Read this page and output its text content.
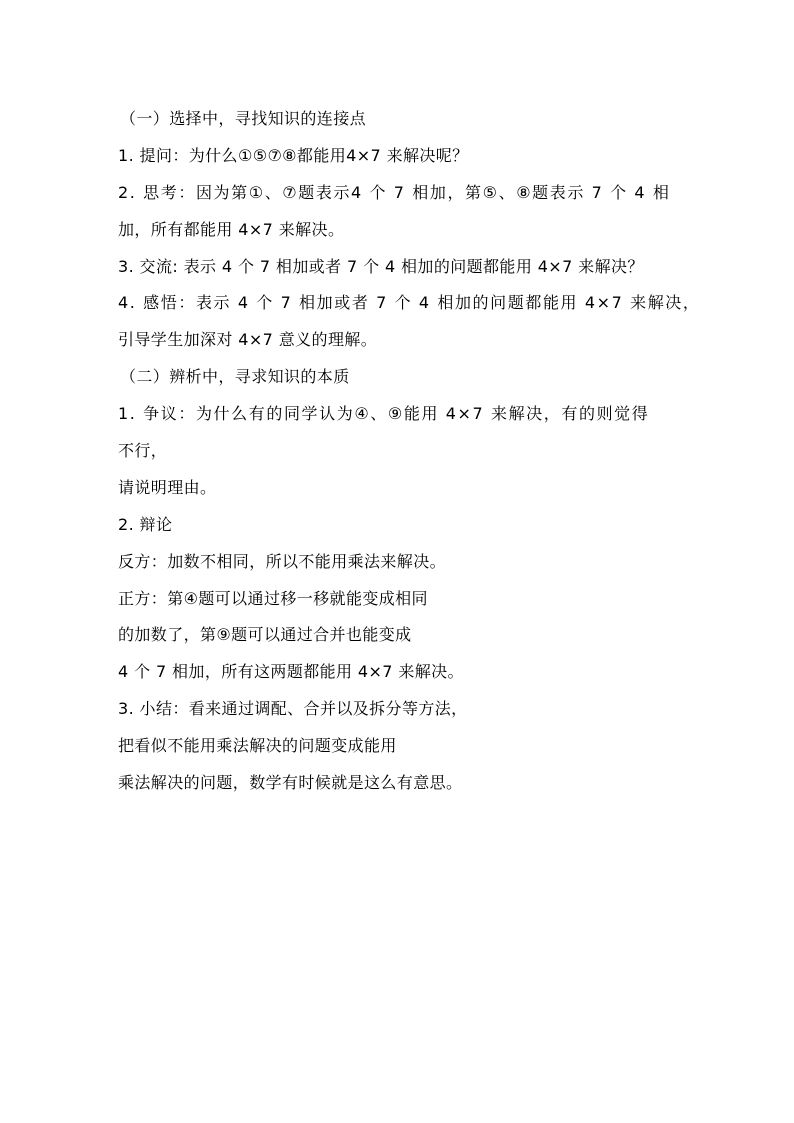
（一）选择中，寻找知识的连接点
1. 提问：为什么①⑤⑦⑧都能用4×7 来解决呢？
2. 思考：因为第①、⑦题表示4 个 7 相加，第⑤、⑧题表示 7 个 4 相
加，所有都能用 4×7 来解决。
3. 交流: 表示 4 个 7 相加或者 7 个 4 相加的问题都能用 4×7 来解决？
4. 感悟：表示 4 个 7 相加或者 7 个 4 相加的问题都能用 4×7 来解决，
引导学生加深对 4×7 意义的理解。
（二）辨析中，寻求知识的本质
1. 争议：为什么有的同学认为④、⑨能用 4×7 来解决，有的则觉得
不行，
请说明理由。
2. 辩论
反方：加数不相同，所以不能用乘法来解决。
正方：第④题可以通过移一移就能变成相同
的加数了，第⑨题可以通过合并也能变成
4 个 7 相加，所有这两题都能用 4×7 来解决。
3. 小结：看来通过调配、合并以及拆分等方法，
把看似不能用乘法解决的问题变成能用
乘法解决的问题，数学有时候就是这么有意思。
